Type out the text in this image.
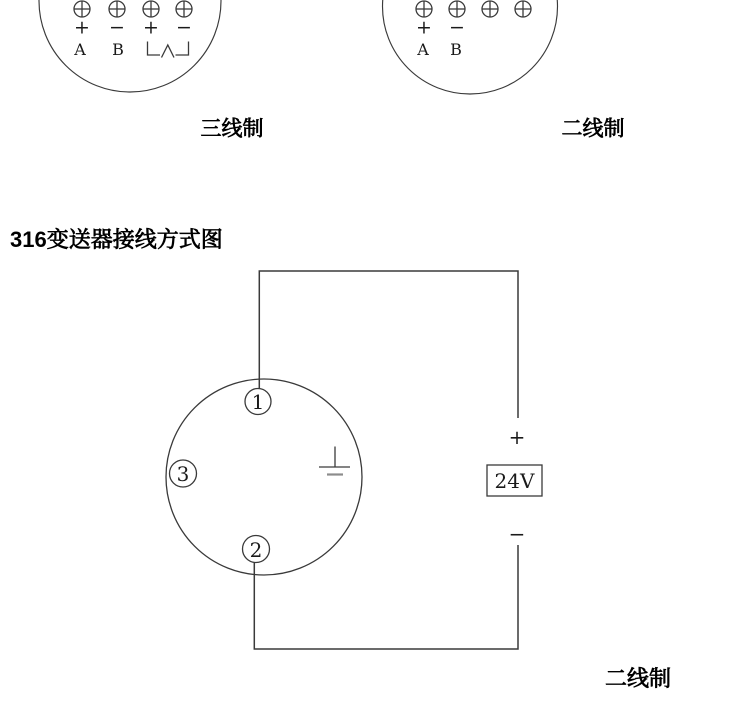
+ − + −
A B
三线制
+ −
A B
二线制
316变送器接线方式图
1
3
2
+
24V
−
二线制
